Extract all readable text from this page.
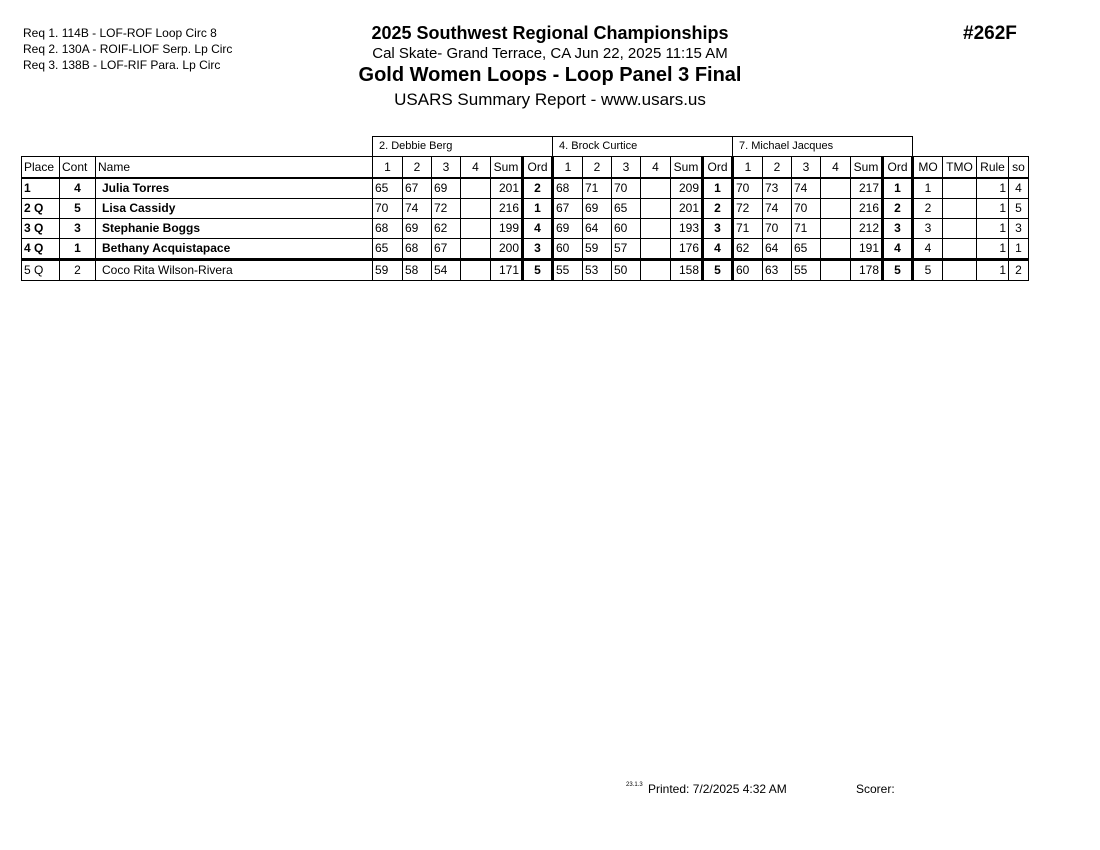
Req 1. 114B - LOF-ROF Loop Circ 8
Req 2. 130A - ROIF-LIOF Serp. Lp Circ
Req 3. 138B - LOF-RIF Para. Lp Circ
2025 Southwest Regional Championships
Cal Skate- Grand Terrace, CA Jun 22, 2025 11:15 AM
Gold Women Loops - Loop Panel 3 Final
USARS Summary Report - www.usars.us
#262F
			2. Debbie Berg						4. Brock Curtice						7. Michael Jacques									
Place	Cont	Name	1	2	3	4	Sum	Ord	1	2	3	4	Sum	Ord	1	2	3	4	Sum	Ord	MO	TMO	Rule	so
1	4	Julia Torres	65	67	69		201	2	68	71	70		209	1	70	73	74		217	1	1		1	4
2 Q	5	Lisa Cassidy	70	74	72		216	1	67	69	65		201	2	72	74	70		216	2	2		1	5
3 Q	3	Stephanie Boggs	68	69	62		199	4	69	64	60		193	3	71	70	71		212	3	3		1	3
4 Q	1	Bethany Acquistapace	65	68	67		200	3	60	59	57		176	4	62	64	65		191	4	4		1	1
5 Q	2	Coco Rita Wilson-Rivera	59	58	54		171	5	55	53	50		158	5	60	63	55		178	5	5		1	2
23.1.3 Printed: 7/2/2025 4:32 AM	Scorer:
